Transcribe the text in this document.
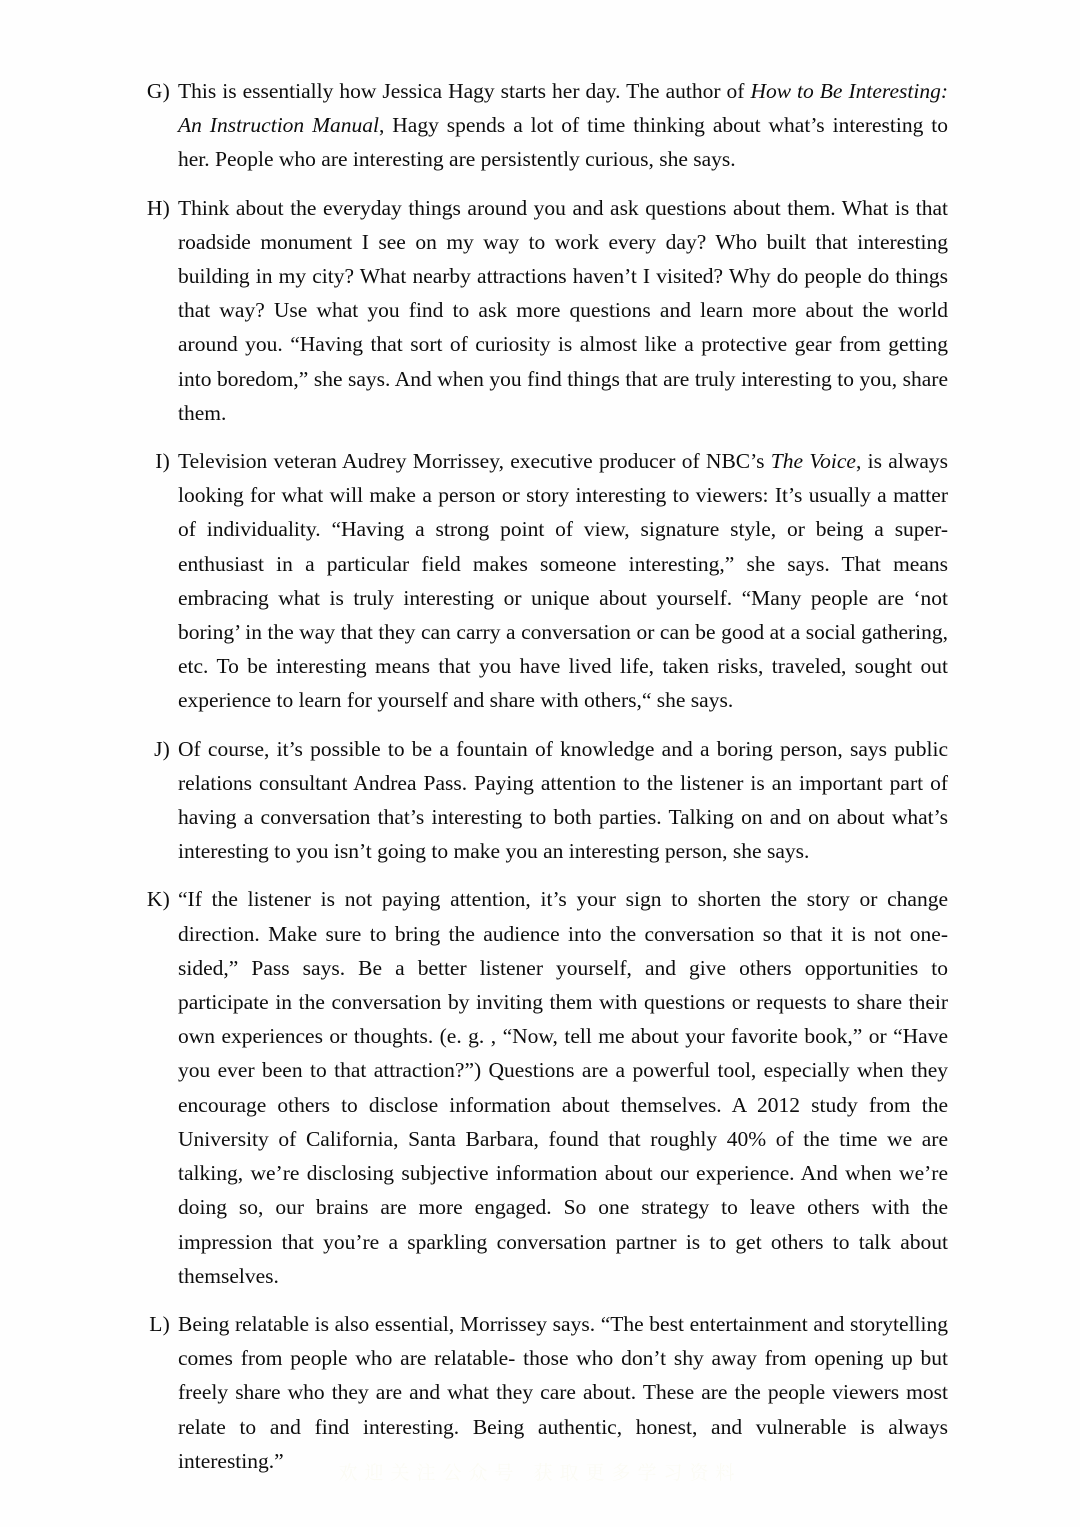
G) This is essentially how Jessica Hagy starts her day. The author of How to Be Interesting: An Instruction Manual, Hagy spends a lot of time thinking about what’s interesting to her. People who are interesting are persistently curious, she says.
H) Think about the everyday things around you and ask questions about them. What is that roadside monument I see on my way to work every day? Who built that interesting building in my city? What nearby attractions haven’t I visited? Why do people do things that way? Use what you find to ask more questions and learn more about the world around you. “Having that sort of curiosity is almost like a protective gear from getting into boredom,” she says. And when you find things that are truly interesting to you, share them.
I) Television veteran Audrey Morrissey, executive producer of NBC’s The Voice, is always looking for what will make a person or story interesting to viewers: It’s usually a matter of individuality. “Having a strong point of view, signature style, or being a super-enthusiast in a particular field makes someone interesting,” she says. That means embracing what is truly interesting or unique about yourself. “Many people are ‘not boring’ in the way that they can carry a conversation or can be good at a social gathering, etc. To be interesting means that you have lived life, taken risks, traveled, sought out experience to learn for yourself and share with others,“ she says.
J) Of course, it’s possible to be a fountain of knowledge and a boring person, says public relations consultant Andrea Pass. Paying attention to the listener is an important part of having a conversation that’s interesting to both parties. Talking on and on about what’s interesting to you isn’t going to make you an interesting person, she says.
K) “If the listener is not paying attention, it’s your sign to shorten the story or change direction. Make sure to bring the audience into the conversation so that it is not one-sided,” Pass says. Be a better listener yourself, and give others opportunities to participate in the conversation by inviting them with questions or requests to share their own experiences or thoughts. (e. g. , “Now, tell me about your favorite book,” or “Have you ever been to that attraction?”) Questions are a powerful tool, especially when they encourage others to disclose information about themselves. A 2012 study from the University of California, Santa Barbara, found that roughly 40% of the time we are talking, we’re disclosing subjective information about our experience. And when we’re doing so, our brains are more engaged. So one strategy to leave others with the impression that you’re a sparkling conversation partner is to get others to talk about themselves.
L) Being relatable is also essential, Morrissey says. “The best entertainment and storytelling comes from people who are relatable- those who don’t shy away from opening up but freely share who they are and what they care about. These are the people viewers most relate to and find interesting. Being authentic, honest, and vulnerable is always interesting.”
欢迎关注公众号 获取更多学习资料
